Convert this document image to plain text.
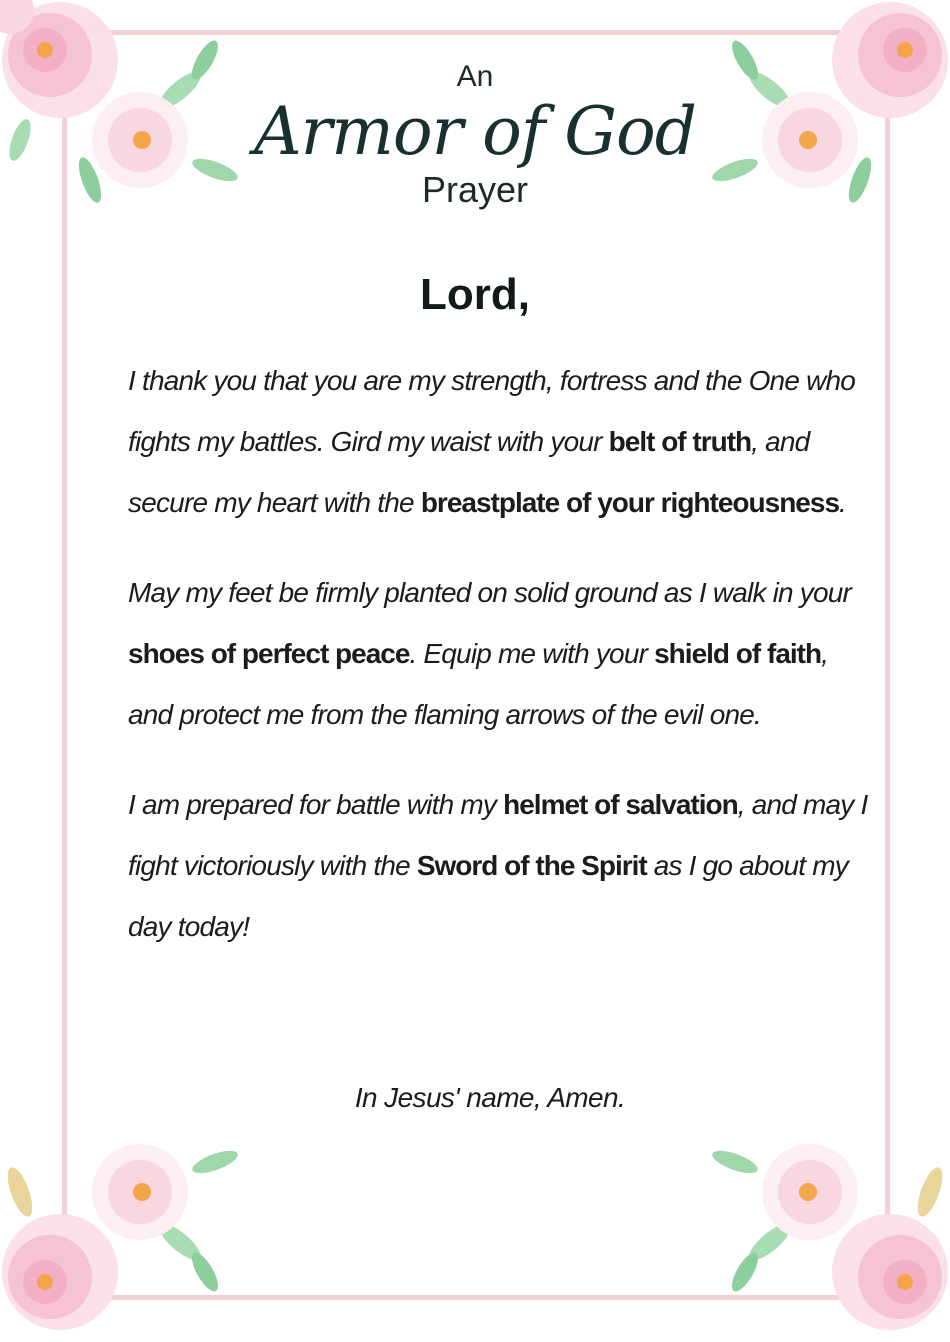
An
Armor of God
Prayer
Lord,

I thank you that you are my strength, fortress and the One who fights my battles. Gird my waist with your belt of truth, and secure my heart with the breastplate of your righteousness.

May my feet be firmly planted on solid ground as I walk in your shoes of perfect peace. Equip me with your shield of faith, and protect me from the flaming arrows of the evil one.

I am prepared for battle with my helmet of salvation, and may I fight victoriously with the Sword of the Spirit as I go about my day today!

In Jesus' name, Amen.
